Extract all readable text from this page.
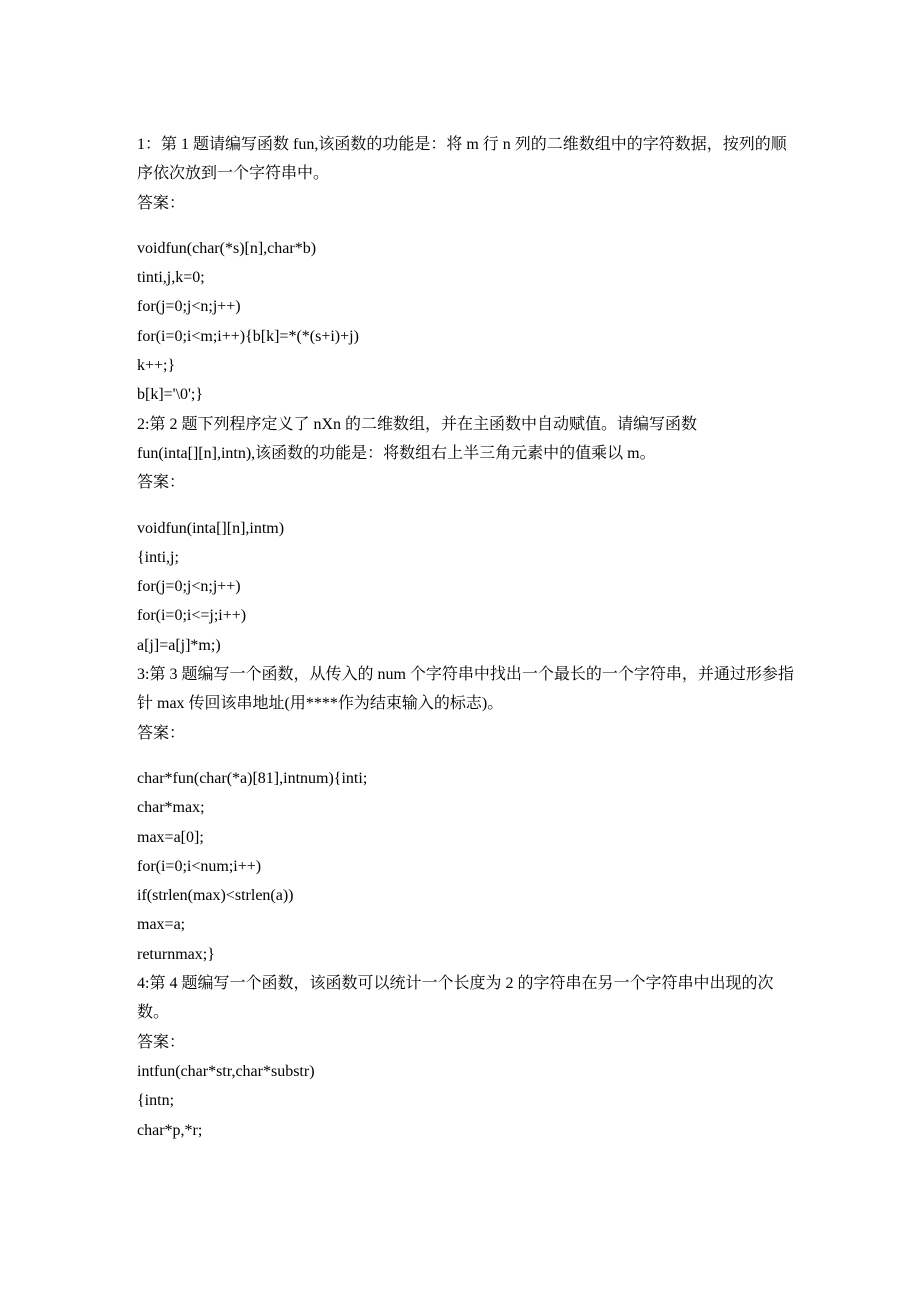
1：第 1 题请编写函数 fun,该函数的功能是：将 m 行 n 列的二维数组中的字符数据，按列的顺
序依次放到一个字符串中。
答案：
voidfun(char(*s)[n],char*b)
tinti,j,k=0;
for(j=0;j<n;j++)
for(i=0;i<m;i++){b[k]=*(*(s+i)+j)
k++;}
b[k]='\0';}
2:第 2 题下列程序定义了 nXn 的二维数组，并在主函数中自动赋值。请编写函数
fun(inta[][n],intn),该函数的功能是：将数组右上半三角元素中的值乘以 m。
答案：
voidfun(inta[][n],intm)
{inti,j;
for(j=0;j<n;j++)
for(i=0;i<=j;i++)
a[j]=a[j]*m;)
3:第 3 题编写一个函数，从传入的 num 个字符串中找出一个最长的一个字符串，并通过形参指
针 max 传回该串地址(用****作为结束输入的标志)。
答案：
char*fun(char(*a)[81],intnum){inti;
char*max;
max=a[0];
for(i=0;i<num;i++)
if(strlen(max)<strlen(a))
max=a;
returnmax;}
4:第 4 题编写一个函数，该函数可以统计一个长度为 2 的字符串在另一个字符串中出现的次
数。
答案：
intfun(char*str,char*substr)
{intn;
char*p,*r;
